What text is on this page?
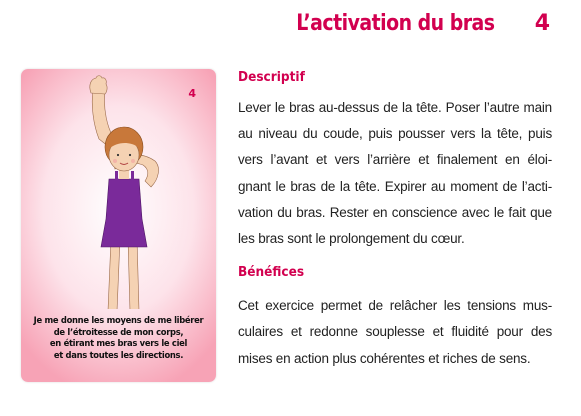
L’activation du bras 4
4
Je me donne les moyens de me libérer
de l’étroitesse de mon corps,
en étirant mes bras vers le ciel
et dans toutes les directions.
Descriptif

Lever le bras au-dessus de la tête. Poser l’autre main
au niveau du coude, puis pousser vers la tête, puis
vers l’avant et vers l’arrière et finalement en éloi-
gnant le bras de la tête. Expirer au moment de l’acti-
vation du bras. Rester en conscience avec le fait que
les bras sont le prolongement du cœur.

Bénéfices

Cet exercice permet de relâcher les tensions mus-
culaires et redonne souplesse et fluidité pour des
mises en action plus cohérentes et riches de sens.
